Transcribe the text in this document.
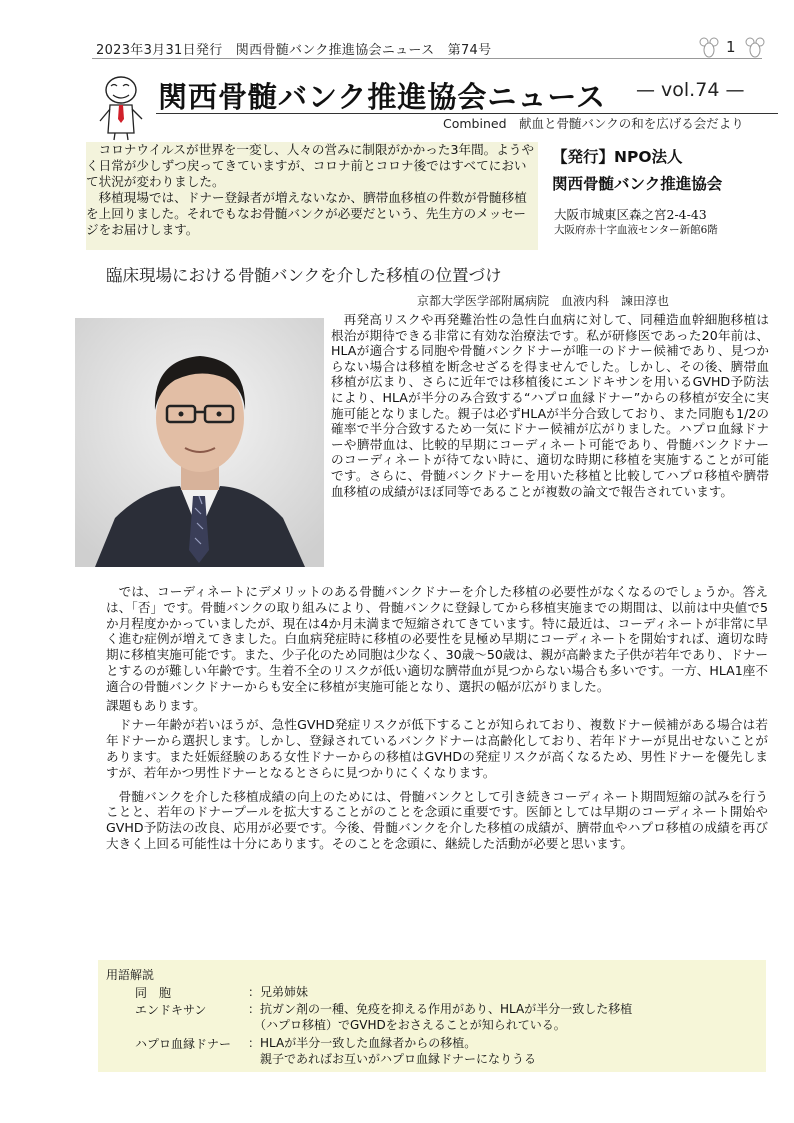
2023年3月31日発行　関西骨髄バンク推進協会ニュース　第74号	1
関西骨髄バンク推進協会ニュース — vol.74 —
Combined　献血と骨髄バンクの和を広げる会だより

コロナウイルスが世界を一変し、人々の営みに制限がかかった3年間。ようやく日常が少しずつ戻ってきていますが、コロナ前とコロナ後ではすべてにおいて状況が変わりました。

移植現場では、ドナー登録者が増えないなか、臍帯血移植の件数が骨髄移植を上回りました。それでもなお骨髄バンクが必要だという、先生方のメッセージをお届けします。

【発行】NPO法人
関西骨髄バンク推進協会
大阪市城東区森之宮2-4-43
大阪府赤十字血液センター新館6階
臨床現場における骨髄バンクを介した移植の位置づけ
京都大学医学部附属病院　血液内科　諫田淳也

再発高リスクや再発難治性の急性白血病に対して、同種造血幹細胞移植は根治が期待できる非常に有効な治療法です。私が研修医であった20年前は、HLAが適合する同胞や骨髄バンクドナーが唯一のドナー候補であり、見つからない場合は移植を断念せざるを得ませんでした。しかし、その後、臍帯血移植が広まり、さらに近年では移植後にエンドキサンを用いるGVHD予防法により、HLAが半分のみ合致する“ハプロ血縁ドナー”からの移植が安全に実施可能となりました。親子は必ずHLAが半分合致しており、また同胞も1/2の確率で半分合致するため一気にドナー候補が広がりました。ハプロ血縁ドナーや臍帯血は、比較的早期にコーディネート可能であり、骨髄バンクドナーのコーディネートが待てない時に、適切な時期に移植を実施することが可能です。さらに、骨髄バンクドナーを用いた移植と比較してハプロ移植や臍帯血移植の成績がほぼ同等であることが複数の論文で報告されています。

では、コーディネートにデメリットのある骨髄バンクドナーを介した移植の必要性がなくなるのでしょうか。答えは、「否」です。骨髄バンクの取り組みにより、骨髄バンクに登録してから移植実施までの期間は、以前は中央値で5か月程度かかっていましたが、現在は4か月未満まで短縮されてきています。特に最近は、コーディネートが非常に早く進む症例が増えてきました。白血病発症時に移植の必要性を見極め早期にコーディネートを開始すれば、適切な時期に移植実施可能です。また、少子化のため同胞は少なく、30歳～50歳は、親が高齢また子供が若年であり、ドナーとするのが難しい年齢です。生着不全のリスクが低い適切な臍帯血が見つからない場合も多いです。一方、HLA1座不適合の骨髄バンクドナーからも安全に移植が実施可能となり、選択の幅が広がりました。

課題もあります。

ドナー年齢が若いほうが、急性GVHD発症リスクが低下することが知られており、複数ドナー候補がある場合は若年ドナーから選択します。しかし、登録されているバンクドナーは高齢化しており、若年ドナーが見出せないことがあります。また妊娠経験のある女性ドナーからの移植はGVHDの発症リスクが高くなるため、男性ドナーを優先しますが、若年かつ男性ドナーとなるとさらに見つかりにくくなります。

骨髄バンクを介した移植成績の向上のためには、骨髄バンクとして引き続きコーディネート期間短縮の試みを行うことと、若年のドナープールを拡大することがのことを念頭に重要です。医師としては早期のコーディネート開始やGVHD予防法の改良、応用が必要です。今後、骨髄バンクを介した移植の成績が、臍帯血やハプロ移植の成績を再び大きく上回る可能性は十分にあります。そのことを念頭に、継続した活動が必要と思います。

用語解説
同　胞	：兄弟姉妹
エンドキサン	：抗ガン剤の一種、免疫を抑える作用があり、HLAが半分一致した移植
　（ハプロ移植）でGVHDをおさえることが知られている。
ハプロ血縁ドナー ：HLAが半分一致した血縁者からの移植。
　親子であればお互いがハプロ血縁ドナーになりうる
